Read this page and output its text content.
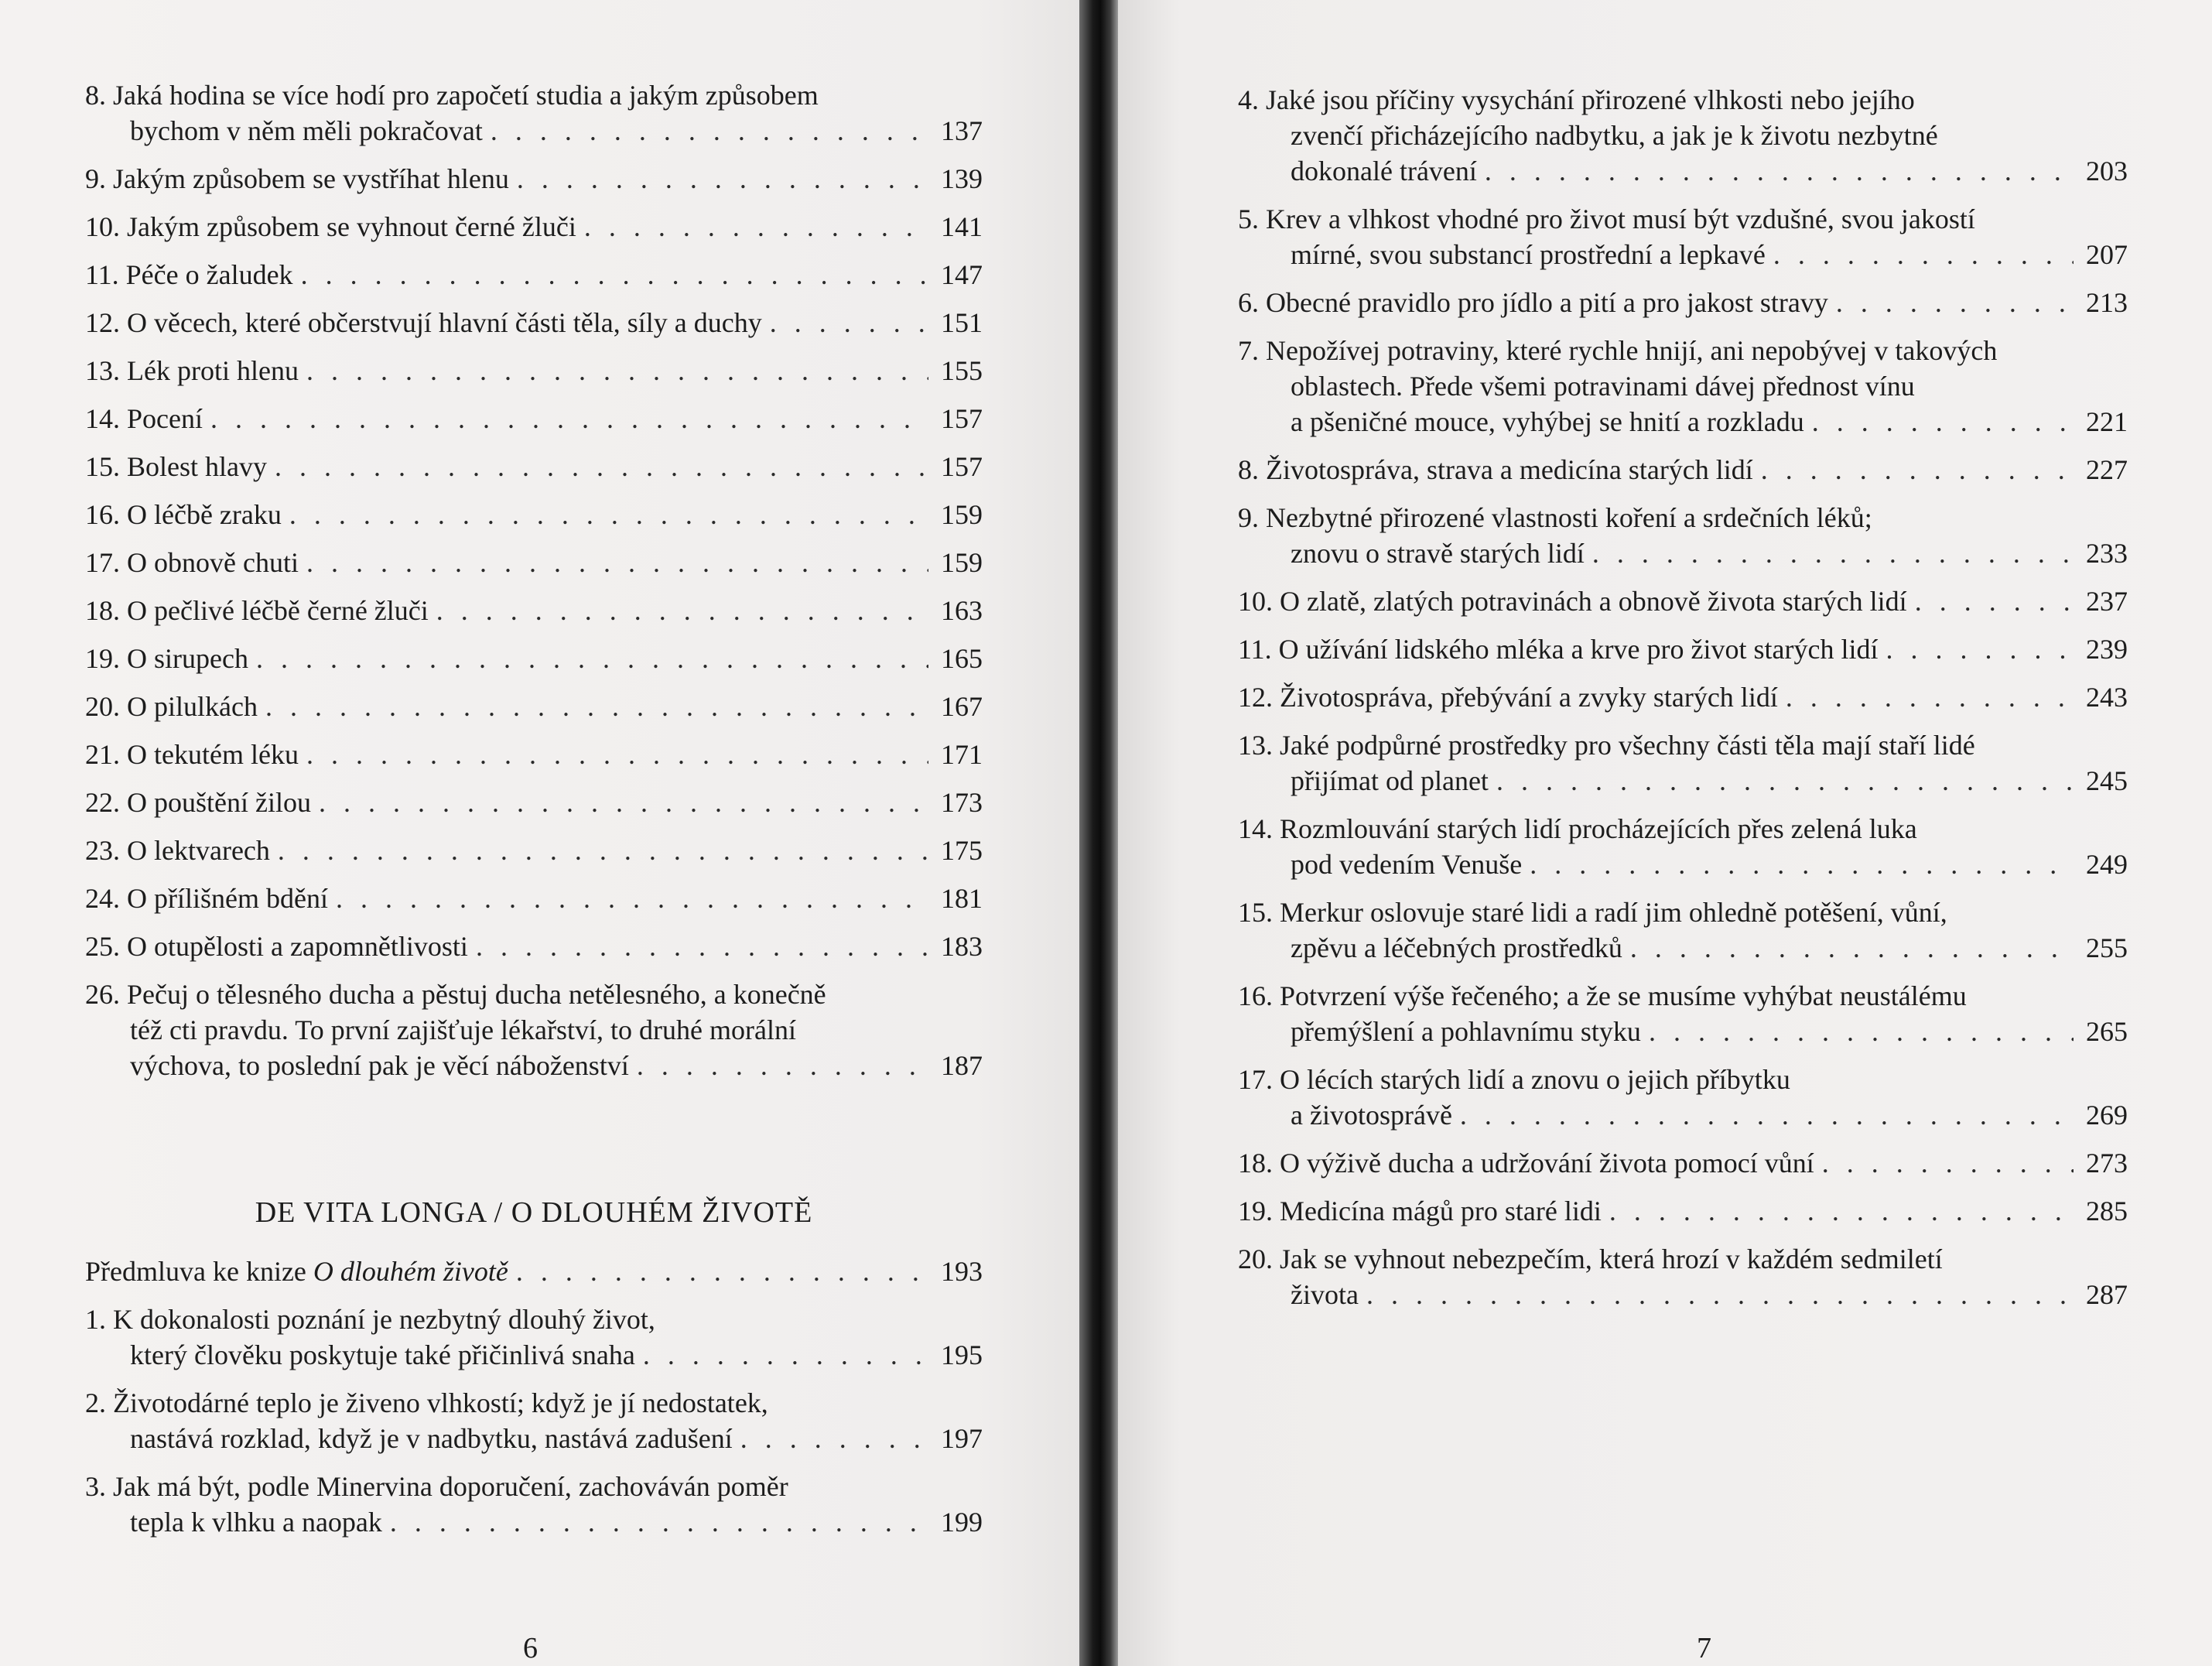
8. Jaká hodina se více hodí pro započetí studia a jakým způsobem
bychom v něm měli pokračovat . . .	137
9. Jakým způsobem se vystříhat hlenu . . .	139
10. Jakým způsobem se vyhnout černé žluči . . .	141
11. Péče o žaludek . . .	147
12. O věcech, které občerstvují hlavní části těla, síly a duchy . . .	151
13. Lék proti hlenu . . .	155
14. Pocení . . .	157
15. Bolest hlavy . . .	157
16. O léčbě zraku . . .	159
17. O obnově chuti . . .	159
18. O pečlivé léčbě černé žluči . . .	163
19. O sirupech . . .	165
20. O pilulkách . . .	167
21. O tekutém léku . . .	171
22. O pouštění žilou . . .	173
23. O lektvarech . . .	175
24. O přílišném bdění . . .	181
25. O otupělosti a zapomnětlivosti . . .	183
26. Pečuj o tělesného ducha a pěstuj ducha netělesného, a konečně
též cti pravdu. To první zajišťuje lékařství, to druhé morální
výchova, to poslední pak je věcí náboženství . . .	187
DE VITA LONGA / O DLOUHÉM ŽIVOTĚ
Předmluva ke knize O dlouhém životě . . .	193
1. K dokonalosti poznání je nezbytný dlouhý život,
který člověku poskytuje také přičinlivá snaha . . .	195
2. Životodárné teplo je živeno vlhkostí; když je jí nedostatek,
nastává rozklad, když je v nadbytku, nastává zadušení . . .	197
3. Jak má být, podle Minervina doporučení, zachováván poměr
tepla k vlhku a naopak . . .	199
4. Jaké jsou příčiny vysychání přirozené vlhkosti nebo jejího
zvenčí přicházejícího nadbytku, a jak je k životu nezbytné
dokonalé trávení . . .	203
5. Krev a vlhkost vhodné pro život musí být vzdušné, svou jakostí
mírné, svou substancí prostřední a lepkavé . . .	207
6. Obecné pravidlo pro jídlo a pití a pro jakost stravy . . .	213
7. Nepožívej potraviny, které rychle hnijí, ani nepobývej v takových
oblastech. Přede všemi potravinami dávej přednost vínu
a pšeničné mouce, vyhýbej se hnití a rozkladu . . .	221
8. Životospráva, strava a medicína starých lidí . . .	227
9. Nezbytné přirozené vlastnosti koření a srdečních léků;
znovu o stravě starých lidí . . .	233
10. O zlatě, zlatých potravinách a obnově života starých lidí . . .	237
11. O užívání lidského mléka a krve pro život starých lidí . . .	239
12. Životospráva, přebývání a zvyky starých lidí . . .	243
13. Jaké podpůrné prostředky pro všechny části těla mají staří lidé
přijímat od planet . . .	245
14. Rozmlouvání starých lidí procházejících přes zelená luka
pod vedením Venuše . . .	249
15. Merkur oslovuje staré lidi a radí jim ohledně potěšení, vůní,
zpěvu a léčebných prostředků . . .	255
16. Potvrzení výše řečeného; a že se musíme vyhýbat neustálému
přemýšlení a pohlavnímu styku . . .	265
17. O lécích starých lidí a znovu o jejich příbytku
a životosprávě . . .	269
18. O výživě ducha a udržování života pomocí vůní . . .	273
19. Medicína mágů pro staré lidi . . .	285
20. Jak se vyhnout nebezpečím, která hrozí v každém sedmiletí
života . . .	287
6	7
